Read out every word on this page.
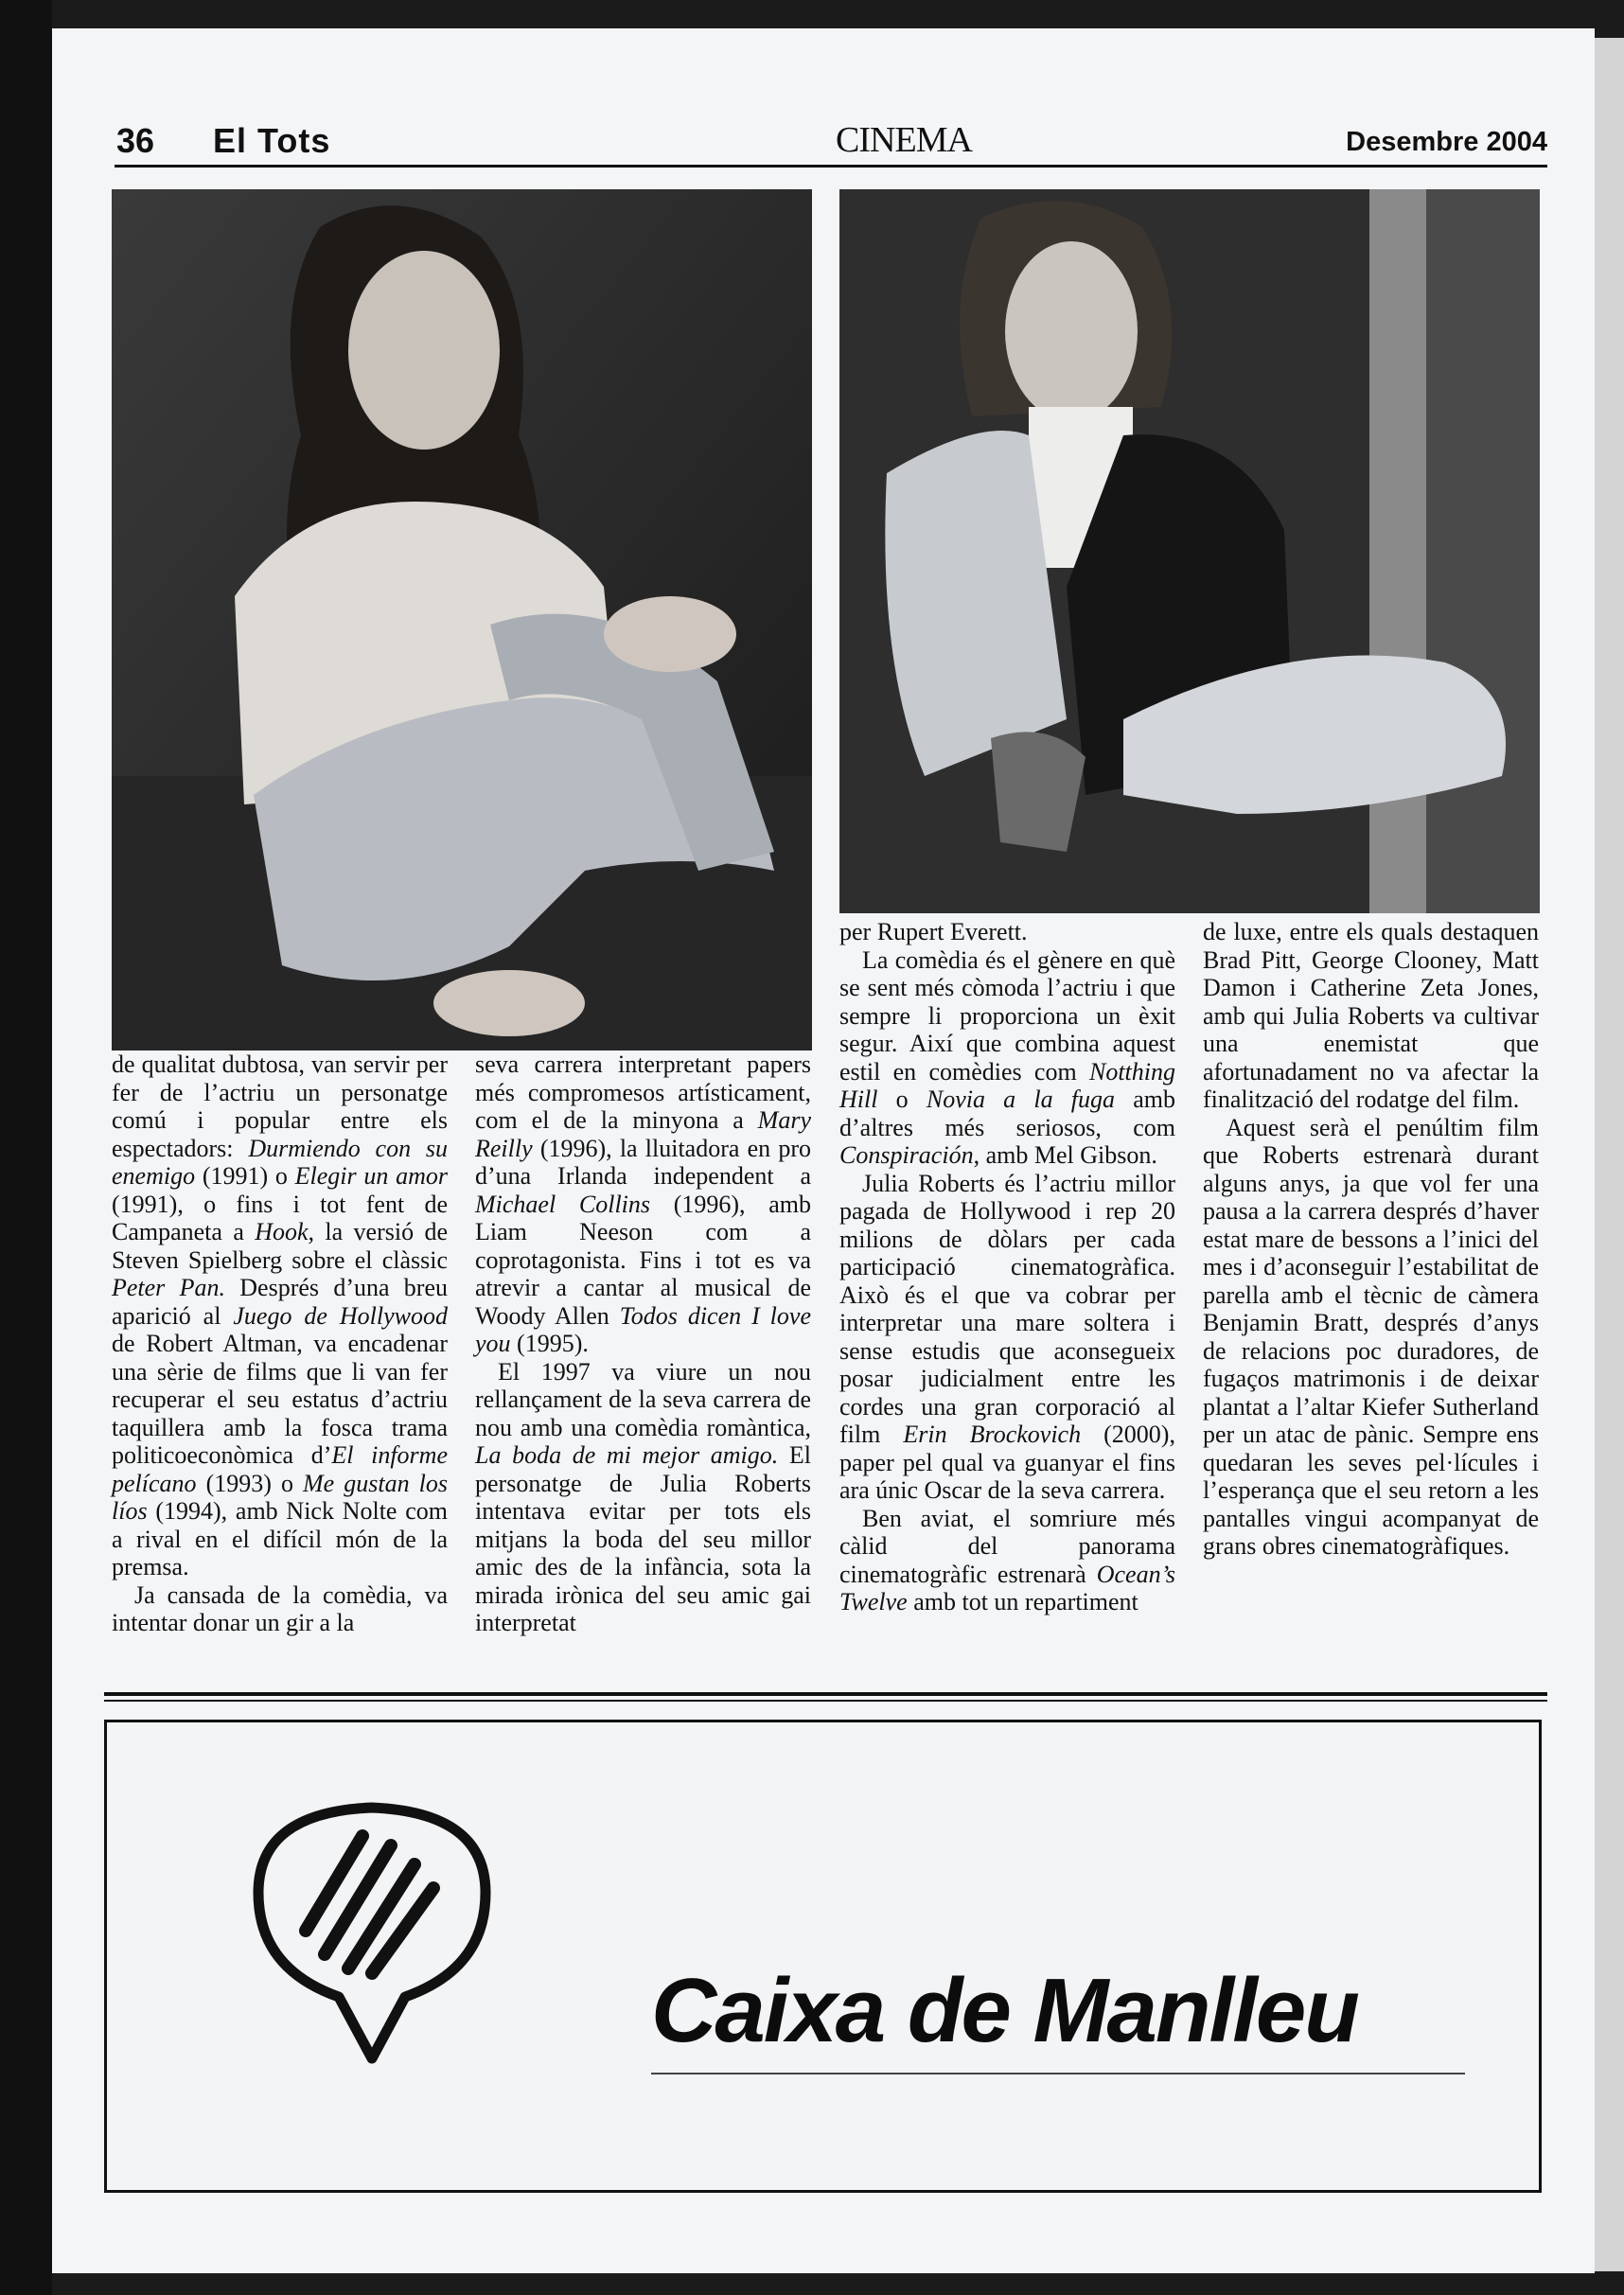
36 El Tots	CINEMA	Desembre 2004

de qualitat dubtosa, van servir per fer de l’actriu un personatge comú i popular entre els espectadors: Durmiendo con su enemigo (1991) o Elegir un amor (1991), o fins i tot fent de Campaneta a Hook, la versió de Steven Spielberg sobre el clàssic Peter Pan. Després d’una breu aparició al Juego de Hollywood de Robert Altman, va encadenar una sèrie de films que li van fer recuperar el seu estatus d’actriu taquillera amb la fosca trama politicoeconòmica d’El informe pelícano (1993) o Me gustan los líos (1994), amb Nick Nolte com a rival en el difícil món de la premsa.

Ja cansada de la comèdia, va intentar donar un gir a la

seva carrera interpretant papers més compromesos artísticament, com el de la minyona a Mary Reilly (1996), la lluitadora en pro d’una Irlanda independent a Michael Collins (1996), amb Liam Neeson com a coprotagonista. Fins i tot es va atrevir a cantar al musical de Woody Allen Todos dicen I love you (1995).

El 1997 va viure un nou rellançament de la seva carrera de nou amb una comèdia romàntica, La boda de mi mejor amigo. El personatge de Julia Roberts intentava evitar per tots els mitjans la boda del seu millor amic des de la infància, sota la mirada irònica del seu amic gai interpretat

per Rupert Everett.

La comèdia és el gènere en què se sent més còmoda l’actriu i que sempre li proporciona un èxit segur. Així que combina aquest estil en comèdies com Notthing Hill o Novia a la fuga amb d’altres més seriosos, com Conspiración, amb Mel Gibson.

Julia Roberts és l’actriu millor pagada de Hollywood i rep 20 milions de dòlars per cada participació cinematogràfica. Això és el que va cobrar per interpretar una mare soltera i sense estudis que aconsegueix posar judicialment entre les cordes una gran corporació al film Erin Brockovich (2000), paper pel qual va guanyar el fins ara únic Oscar de la seva carrera.

Ben aviat, el somriure més càlid del panorama cinematogràfic estrenarà Ocean’s Twelve amb tot un repartiment

de luxe, entre els quals destaquen Brad Pitt, George Clooney, Matt Damon i Catherine Zeta Jones, amb qui Julia Roberts va cultivar una enemistat que afortunadament no va afectar la finalització del rodatge del film.

Aquest serà el penúltim film que Roberts estrenarà durant alguns anys, ja que vol fer una pausa a la carrera després d’haver estat mare de bessons a l’inici del mes i d’aconseguir l’estabilitat de parella amb el tècnic de càmera Benjamin Bratt, després d’anys de relacions poc duradores, de fugaços matrimonis i de deixar plantat a l’altar Kiefer Sutherland per un atac de pànic. Sempre ens quedaran les seves pel·lícules i l’esperança que el seu retorn a les pantalles vingui acompanyat de grans obres cinematogràfiques.

Caixa de Manlleu
